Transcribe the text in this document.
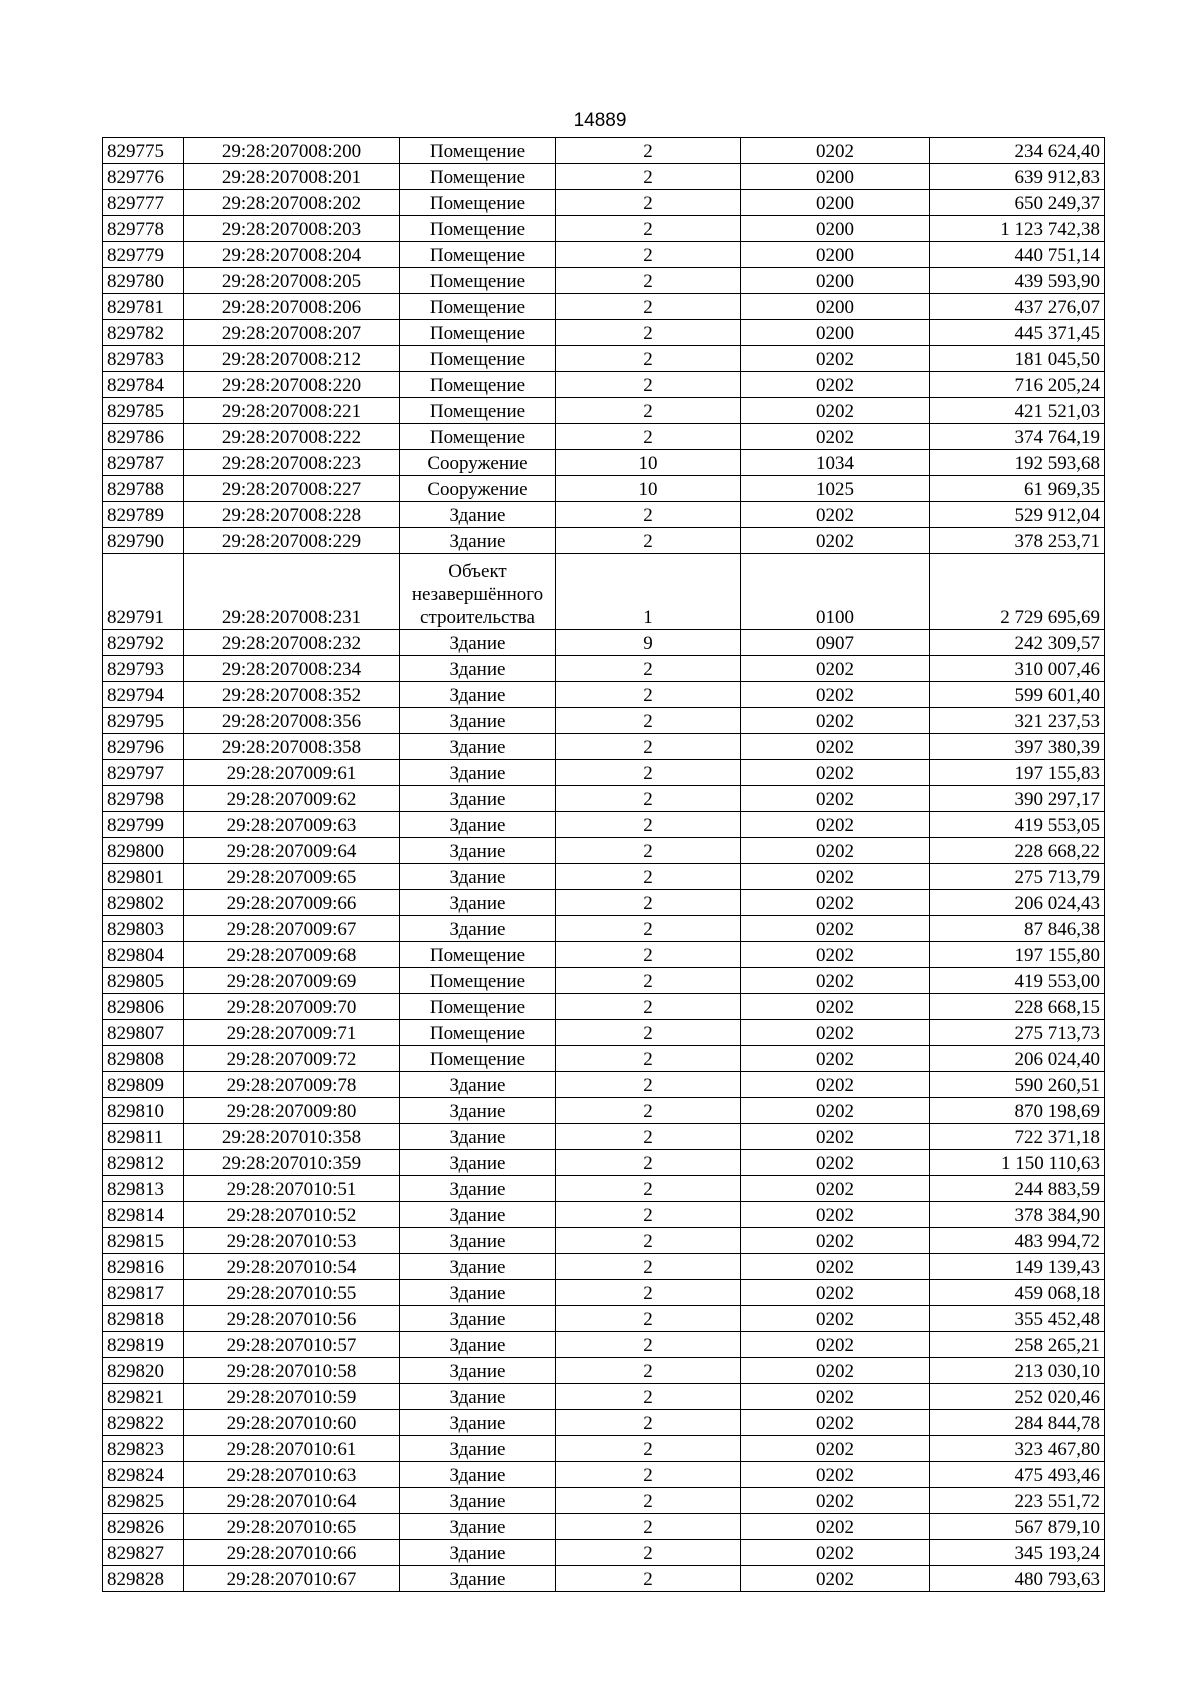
14889
829775	29:28:207008:200	Помещение	2	0202	234 624,40
829776	29:28:207008:201	Помещение	2	0200	639 912,83
829777	29:28:207008:202	Помещение	2	0200	650 249,37
829778	29:28:207008:203	Помещение	2	0200	1 123 742,38
829779	29:28:207008:204	Помещение	2	0200	440 751,14
829780	29:28:207008:205	Помещение	2	0200	439 593,90
829781	29:28:207008:206	Помещение	2	0200	437 276,07
829782	29:28:207008:207	Помещение	2	0200	445 371,45
829783	29:28:207008:212	Помещение	2	0202	181 045,50
829784	29:28:207008:220	Помещение	2	0202	716 205,24
829785	29:28:207008:221	Помещение	2	0202	421 521,03
829786	29:28:207008:222	Помещение	2	0202	374 764,19
829787	29:28:207008:223	Сооружение	10	1034	192 593,68
829788	29:28:207008:227	Сооружение	10	1025	61 969,35
829789	29:28:207008:228	Здание	2	0202	529 912,04
829790	29:28:207008:229	Здание	2	0202	378 253,71
829791	29:28:207008:231	Объект незавершённого строительства	1	0100	2 729 695,69
829792	29:28:207008:232	Здание	9	0907	242 309,57
829793	29:28:207008:234	Здание	2	0202	310 007,46
829794	29:28:207008:352	Здание	2	0202	599 601,40
829795	29:28:207008:356	Здание	2	0202	321 237,53
829796	29:28:207008:358	Здание	2	0202	397 380,39
829797	29:28:207009:61	Здание	2	0202	197 155,83
829798	29:28:207009:62	Здание	2	0202	390 297,17
829799	29:28:207009:63	Здание	2	0202	419 553,05
829800	29:28:207009:64	Здание	2	0202	228 668,22
829801	29:28:207009:65	Здание	2	0202	275 713,79
829802	29:28:207009:66	Здание	2	0202	206 024,43
829803	29:28:207009:67	Здание	2	0202	87 846,38
829804	29:28:207009:68	Помещение	2	0202	197 155,80
829805	29:28:207009:69	Помещение	2	0202	419 553,00
829806	29:28:207009:70	Помещение	2	0202	228 668,15
829807	29:28:207009:71	Помещение	2	0202	275 713,73
829808	29:28:207009:72	Помещение	2	0202	206 024,40
829809	29:28:207009:78	Здание	2	0202	590 260,51
829810	29:28:207009:80	Здание	2	0202	870 198,69
829811	29:28:207010:358	Здание	2	0202	722 371,18
829812	29:28:207010:359	Здание	2	0202	1 150 110,63
829813	29:28:207010:51	Здание	2	0202	244 883,59
829814	29:28:207010:52	Здание	2	0202	378 384,90
829815	29:28:207010:53	Здание	2	0202	483 994,72
829816	29:28:207010:54	Здание	2	0202	149 139,43
829817	29:28:207010:55	Здание	2	0202	459 068,18
829818	29:28:207010:56	Здание	2	0202	355 452,48
829819	29:28:207010:57	Здание	2	0202	258 265,21
829820	29:28:207010:58	Здание	2	0202	213 030,10
829821	29:28:207010:59	Здание	2	0202	252 020,46
829822	29:28:207010:60	Здание	2	0202	284 844,78
829823	29:28:207010:61	Здание	2	0202	323 467,80
829824	29:28:207010:63	Здание	2	0202	475 493,46
829825	29:28:207010:64	Здание	2	0202	223 551,72
829826	29:28:207010:65	Здание	2	0202	567 879,10
829827	29:28:207010:66	Здание	2	0202	345 193,24
829828	29:28:207010:67	Здание	2	0202	480 793,63
